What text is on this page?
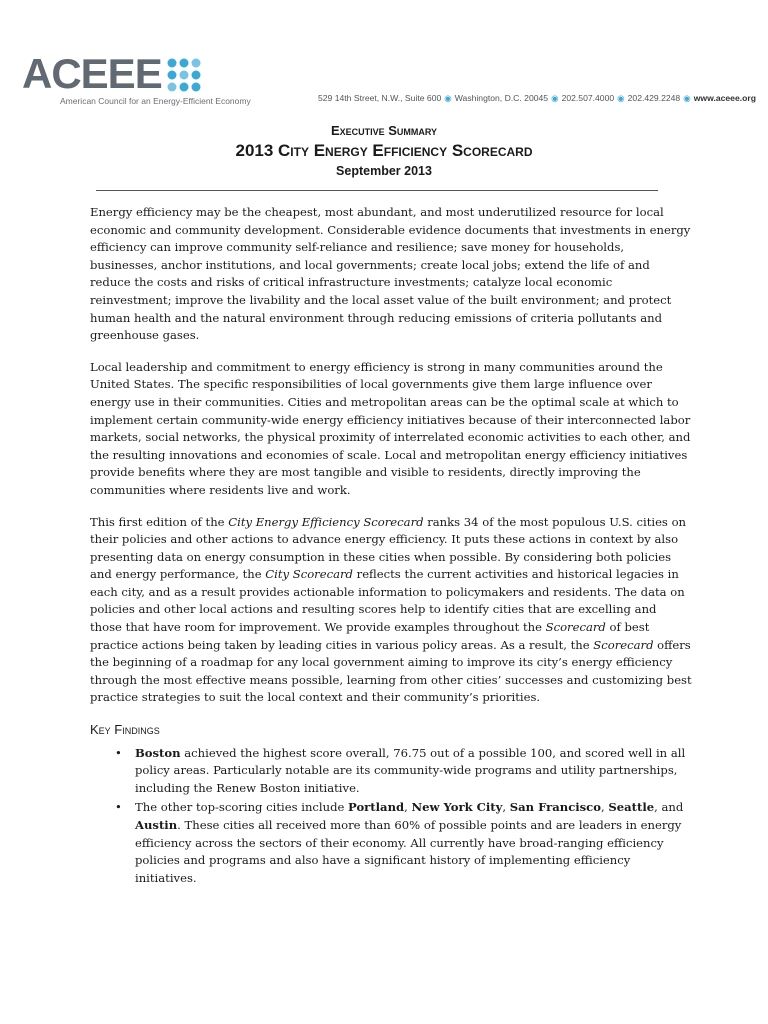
ACEEE
American Council for an Energy-Efficient Economy	529 14th Street, N.W., Suite 600 ◉ Washington, D.C. 20045 ◉ 202.507.4000 ◉ 202.429.2248 ◉ www.aceee.org
Executive Summary
2013 City Energy Efficiency Scorecard
September 2013

Energy efficiency may be the cheapest, most abundant, and most underutilized resource for local economic and community development. Considerable evidence documents that investments in energy efficiency can improve community self-reliance and resilience; save money for households, businesses, anchor institutions, and local governments; create local jobs; extend the life of and reduce the costs and risks of critical infrastructure investments; catalyze local economic reinvestment; improve the livability and the local asset value of the built environment; and protect human health and the natural environment through reducing emissions of criteria pollutants and greenhouse gases.

Local leadership and commitment to energy efficiency is strong in many communities around the United States. The specific responsibilities of local governments give them large influence over energy use in their communities. Cities and metropolitan areas can be the optimal scale at which to implement certain community-wide energy efficiency initiatives because of their interconnected labor markets, social networks, the physical proximity of interrelated economic activities to each other, and the resulting innovations and economies of scale. Local and metropolitan energy efficiency initiatives provide benefits where they are most tangible and visible to residents, directly improving the communities where residents live and work.

This first edition of the City Energy Efficiency Scorecard ranks 34 of the most populous U.S. cities on their policies and other actions to advance energy efficiency. It puts these actions in context by also presenting data on energy consumption in these cities when possible. By considering both policies and energy performance, the City Scorecard reflects the current activities and historical legacies in each city, and as a result provides actionable information to policymakers and residents. The data on policies and other local actions and resulting scores help to identify cities that are excelling and those that have room for improvement. We provide examples throughout the Scorecard of best practice actions being taken by leading cities in various policy areas. As a result, the Scorecard offers the beginning of a roadmap for any local government aiming to improve its city’s energy efficiency through the most effective means possible, learning from other cities’ successes and customizing best practice strategies to suit the local context and their community’s priorities.

Key Findings
• Boston achieved the highest score overall, 76.75 out of a possible 100, and scored well in all policy areas. Particularly notable are its community-wide programs and utility partnerships, including the Renew Boston initiative.
• The other top-scoring cities include Portland, New York City, San Francisco, Seattle, and Austin. These cities all received more than 60% of possible points and are leaders in energy efficiency across the sectors of their economy. All currently have broad-ranging efficiency policies and programs and also have a significant history of implementing efficiency initiatives.
